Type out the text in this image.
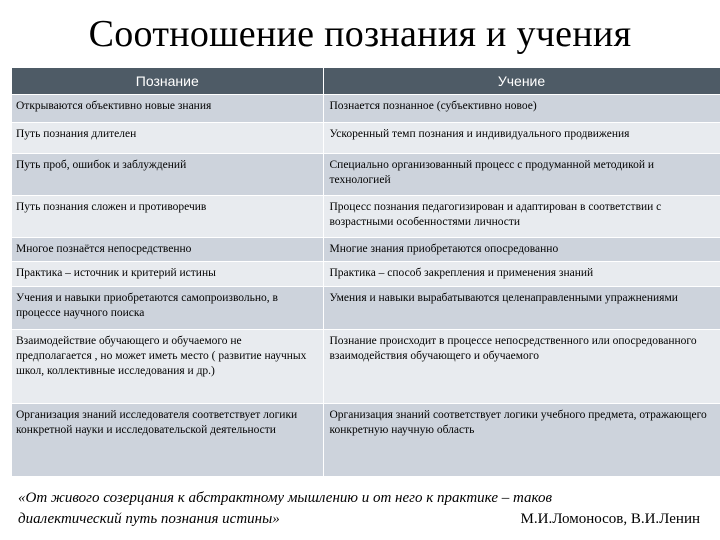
Соотношение познания и учения
Познание	Учение
Открываются объективно новые знания	Познается познанное (субъективно новое)
Путь познания длителен	Ускоренный темп познания и индивидуального продвижения
Путь проб, ошибок и заблуждений	Специально организованный процесс с продуманной методикой и технологией
Путь познания сложен и противоречив	Процесс познания педагогизирован и адаптирован в соответствии с возрастными особенностями личности
Многое познаётся непосредственно	Многие знания приобретаются опосредованно
Практика – источник и критерий истины	Практика – способ закрепления и применения знаний
Учения и навыки приобретаются самопроизвольно, в процессе научного поиска	Умения и навыки вырабатываются целенаправленными упражнениями
Взаимодействие обучающего и обучаемого не предполагается , но может иметь место ( развитие научных школ, коллективные исследования и др.)	Познание происходит в процессе непосредственного или опосредованного взаимодействия обучающего и обучаемого
Организация знаний исследователя соответствует логики конкретной науки и исследовательской деятельности	Организация знаний соответствует логики учебного предмета, отражающего конкретную научную область
«От живого созерцания к абстрактному мышлению и от него к практике – таков
диалектический путь познания истины»	М.И.Ломоносов, В.И.Ленин
